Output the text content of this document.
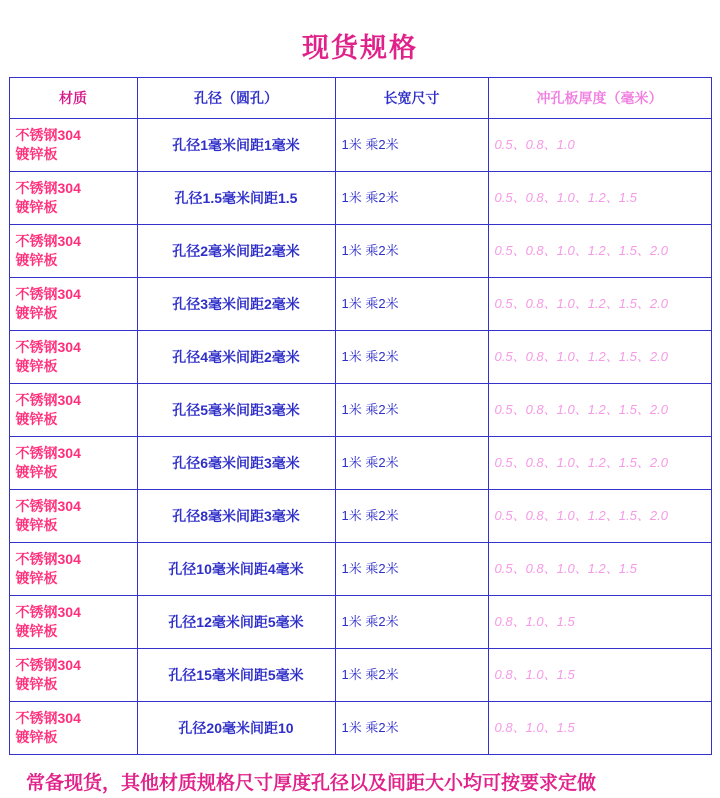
现货规格
材质	孔径（圆孔）	长宽尺寸	冲孔板厚度（毫米）
不锈钢304
镀锌板	孔径1毫米间距1毫米	1米 乘2米	0.5、0.8、1.0
不锈钢304
镀锌板	孔径1.5毫米间距1.5	1米 乘2米	0.5、0.8、1.0、1.2、1.5
不锈钢304
镀锌板	孔径2毫米间距2毫米	1米 乘2米	0.5、0.8、1.0、1.2、1.5、2.0
不锈钢304
镀锌板	孔径3毫米间距2毫米	1米 乘2米	0.5、0.8、1.0、1.2、1.5、2.0
不锈钢304
镀锌板	孔径4毫米间距2毫米	1米 乘2米	0.5、0.8、1.0、1.2、1.5、2.0
不锈钢304
镀锌板	孔径5毫米间距3毫米	1米 乘2米	0.5、0.8、1.0、1.2、1.5、2.0
不锈钢304
镀锌板	孔径6毫米间距3毫米	1米 乘2米	0.5、0.8、1.0、1.2、1.5、2.0
不锈钢304
镀锌板	孔径8毫米间距3毫米	1米 乘2米	0.5、0.8、1.0、1.2、1.5、2.0
不锈钢304
镀锌板	孔径10毫米间距4毫米	1米 乘2米	0.5、0.8、1.0、1.2、1.5
不锈钢304
镀锌板	孔径12毫米间距5毫米	1米 乘2米	0.8、1.0、1.5
不锈钢304
镀锌板	孔径15毫米间距5毫米	1米 乘2米	0.8、1.0、1.5
不锈钢304
镀锌板	孔径20毫米间距10	1米 乘2米	0.8、1.0、1.5
常备现货，其他材质规格尺寸厚度孔径以及间距大小均可按要求定做
